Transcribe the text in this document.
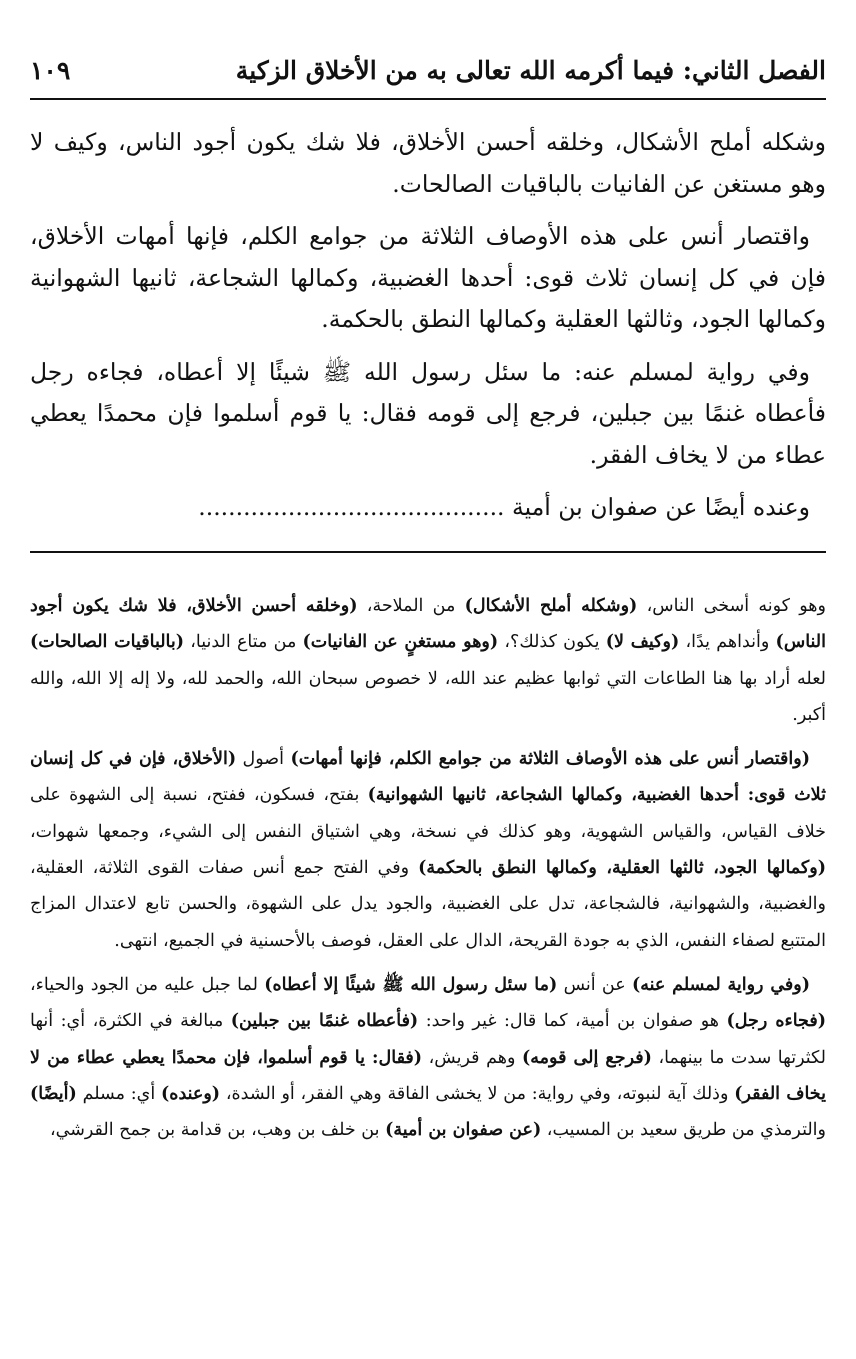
الفصل الثاني: فيما أكرمه الله تعالى به من الأخلاق الزكية
١٠٩

وشكله أملح الأشكال، وخلقه أحسن الأخلاق، فلا شك يكون أجود الناس، وكيف لا وهو مستغن عن الفانيات بالباقيات الصالحات.

واقتصار أنس على هذه الأوصاف الثلاثة من جوامع الكلم، فإنها أمهات الأخلاق، فإن في كل إنسان ثلاث قوى: أحدها الغضبية، وكمالها الشجاعة، ثانيها الشهوانية وكمالها الجود، وثالثها العقلية وكمالها النطق بالحكمة.

وفي رواية لمسلم عنه: ما سئل رسول الله ﷺ شيئًا إلا أعطاه، فجاءه رجل فأعطاه غنمًا بين جبلين، فرجع إلى قومه فقال: يا قوم أسلموا فإن محمدًا يعطي عطاء من لا يخاف الفقر.

وعنده أيضًا عن صفوان بن أمية .........................................

وهو كونه أسخى الناس، (وشكله أملح الأشكال) من الملاحة، (وخلقه أحسن الأخلاق، فلا شك يكون أجود الناس) وأنداهم يدًا، (وكيف لا) يكون كذلك؟، (وهو مستغنٍ عن الفانيات) من متاع الدنيا، (بالباقيات الصالحات) لعله أراد بها هنا الطاعات التي ثوابها عظيم عند الله، لا خصوص سبحان الله، والحمد لله، ولا إله إلا الله، والله أكبر.

(واقتصار أنس على هذه الأوصاف الثلاثة من جوامع الكلم، فإنها أمهات) أصول (الأخلاق، فإن في كل إنسان ثلاث قوى: أحدها الغضبية، وكمالها الشجاعة، ثانيها الشهوانية) بفتح، فسكون، ففتح، نسبة إلى الشهوة على خلاف القياس، والقياس الشهوية، وهو كذلك في نسخة، وهي اشتياق النفس إلى الشيء، وجمعها شهوات، (وكمالها الجود، ثالثها العقلية، وكمالها النطق بالحكمة) وفي الفتح جمع أنس صفات القوى الثلاثة، العقلية، والغضبية، والشهوانية، فالشجاعة، تدل على الغضبية، والجود يدل على الشهوة، والحسن تابع لاعتدال المزاج المتتبع لصفاء النفس، الذي به جودة القريحة، الدال على العقل، فوصف بالأحسنية في الجميع، انتهى.

(وفي رواية لمسلم عنه) عن أنس (ما سئل رسول الله ﷺ شيئًا إلا أعطاه) لما جبل عليه من الجود والحياء، (فجاءه رجل) هو صفوان بن أمية، كما قال: غير واحد: (فأعطاه غنمًا بين جبلين) مبالغة في الكثرة، أي: أنها لكثرتها سدت ما بينهما، (فرجع إلى قومه) وهم قريش، (فقال: يا قوم أسلموا، فإن محمدًا يعطي عطاء من لا يخاف الفقر) وذلك آية لنبوته، وفي رواية: من لا يخشى الفاقة وهي الفقر، أو الشدة، (وعنده) أي: مسلم (أيضًا) والترمذي من طريق سعيد بن المسيب، (عن صفوان بن أمية) بن خلف بن وهب، بن قدامة بن جمح القرشي،
